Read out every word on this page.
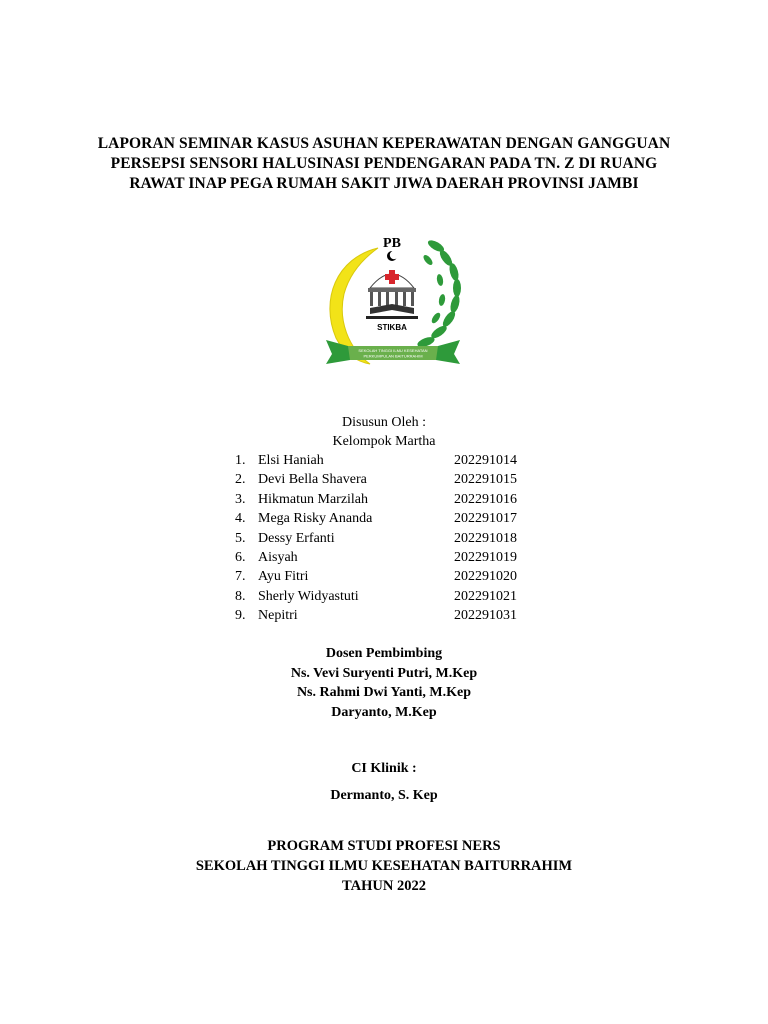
LAPORAN SEMINAR KASUS ASUHAN KEPERAWATAN DENGAN GANGGUAN
PERSEPSI SENSORI HALUSINASI PENDENGARAN PADA TN. Z DI RUANG
RAWAT INAP PEGA RUMAH SAKIT JIWA DAERAH PROVINSI JAMBI
STIKBA
PB
SEKOLAH TINGGI ILMU KESEHATAN
PERKUMPULAN BAITURRAHIM
Disusun Oleh :
Kelompok Martha
1. Elsi Haniah	202291014
2. Devi Bella Shavera	202291015
3. Hikmatun Marzilah	202291016
4. Mega Risky Ananda	202291017
5. Dessy Erfanti	202291018
6. Aisyah	202291019
7. Ayu Fitri	202291020
8. Sherly Widyastuti	202291021
9. Nepitri	202291031
Dosen Pembimbing
Ns. Vevi Suryenti Putri, M.Kep
Ns. Rahmi Dwi Yanti, M.Kep
Daryanto, M.Kep
CI Klinik :
Dermanto, S. Kep
PROGRAM STUDI PROFESI NERS
SEKOLAH TINGGI ILMU KESEHATAN BAITURRAHIM
TAHUN 2022
